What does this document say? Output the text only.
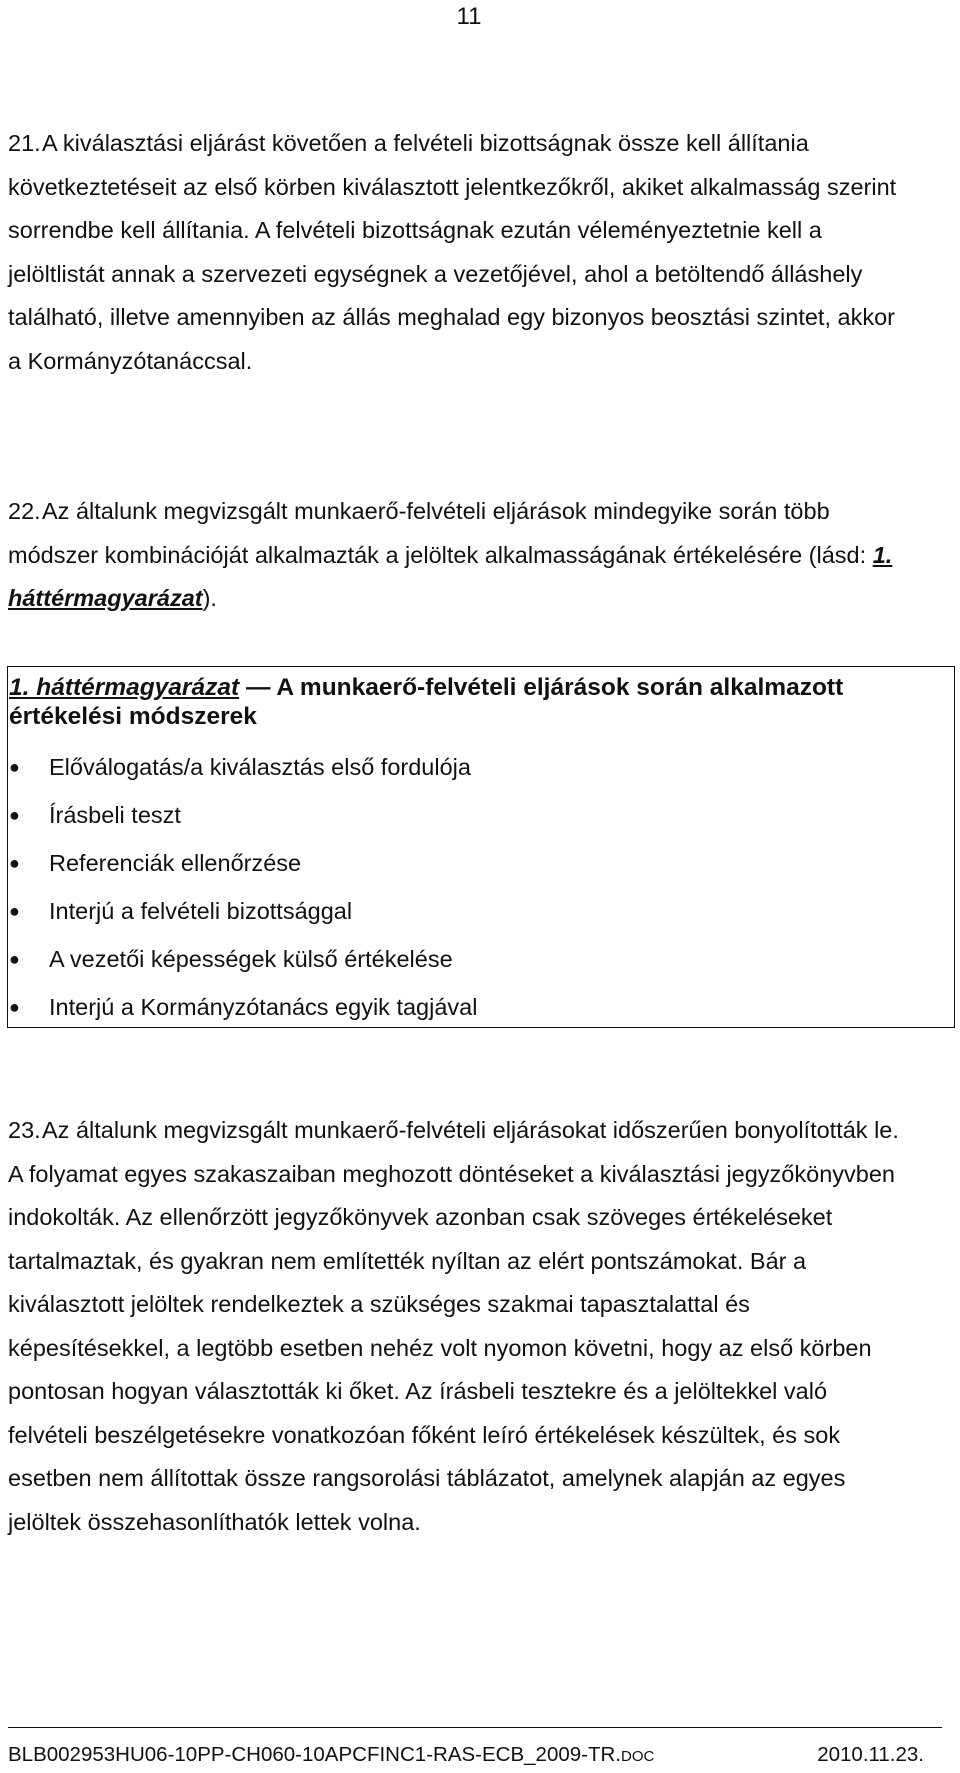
11
21.A kiválasztási eljárást követően a felvételi bizottságnak össze kell állítania következtetéseit az első körben kiválasztott jelentkezőkről, akiket alkalmasság szerint sorrendbe kell állítania. A felvételi bizottságnak ezután véleményeztetnie kell a jelöltlistát annak a szervezeti egységnek a vezetőjével, ahol a betöltendő álláshely található, illetve amennyiben az állás meghalad egy bizonyos beosztási szintet, akkor a Kormányzótanáccsal.
22.Az általunk megvizsgált munkaerő-felvételi eljárások mindegyike során több módszer kombinációját alkalmazták a jelöltek alkalmasságának értékelésére (lásd: 1. háttérmagyarázat).

1. háttérmagyarázat — A munkaerő-felvételi eljárások során alkalmazott értékelési módszerek

●	Előválogatás/a kiválasztás első fordulója
●	Írásbeli teszt
●	Referenciák ellenőrzése
●	Interjú a felvételi bizottsággal
●	A vezetői képességek külső értékelése
●	Interjú a Kormányzótanács egyik tagjával
23.Az általunk megvizsgált munkaerő-felvételi eljárásokat időszerűen bonyolították le. A folyamat egyes szakaszaiban meghozott döntéseket a kiválasztási jegyzőkönyvben indokolták. Az ellenőrzött jegyzőkönyvek azonban csak szöveges értékeléseket tartalmaztak, és gyakran nem említették nyíltan az elért pontszámokat. Bár a kiválasztott jelöltek rendelkeztek a szükséges szakmai tapasztalattal és képesítésekkel, a legtöbb esetben nehéz volt nyomon követni, hogy az első körben pontosan hogyan választották ki őket. Az írásbeli tesztekre és a jelöltekkel való felvételi beszélgetésekre vonatkozóan főként leíró értékelések készültek, és sok esetben nem állítottak össze rangsorolási táblázatot, amelynek alapján az egyes jelöltek összehasonlíthatók lettek volna.
BLB002953HU06-10PP-CH060-10APCFINC1-RAS-ECB_2009-TR.DOC	2010.11.23.
